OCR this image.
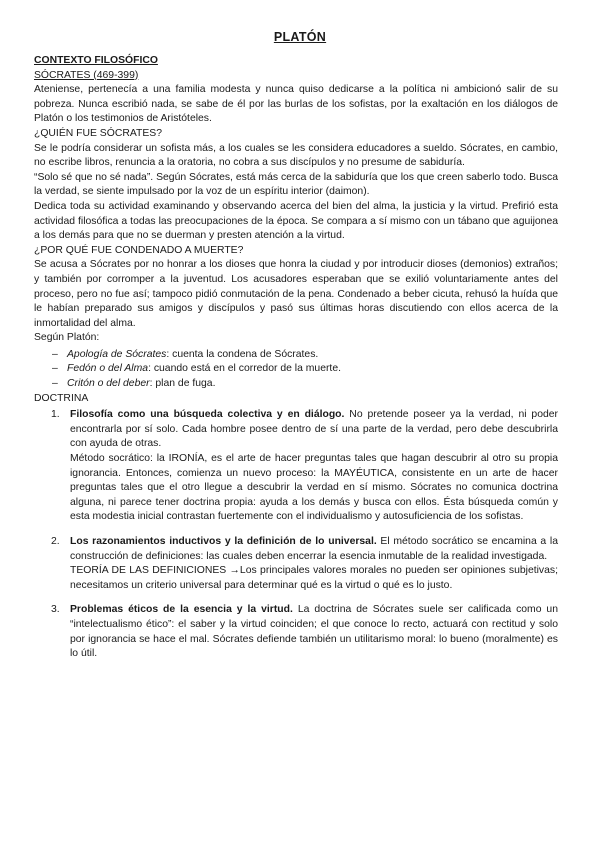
PLATÓN

CONTEXTO FILOSÓFICO

SÓCRATES (469-399)

Ateniense, pertenecía a una familia modesta y nunca quiso dedicarse a la política ni ambicionó salir de su pobreza. Nunca escribió nada, se sabe de él por las burlas de los sofistas, por la exaltación en los diálogos de Platón o los testimonios de Aristóteles.

¿QUIÉN FUE SÓCRATES?

Se le podría considerar un sofista más, a los cuales se les considera educadores a sueldo. Sócrates, en cambio, no escribe libros, renuncia a la oratoria, no cobra a sus discípulos y no presume de sabiduría.

“Solo sé que no sé nada”. Según Sócrates, está más cerca de la sabiduría que los que creen saberlo todo. Busca la verdad, se siente impulsado por la voz de un espíritu interior (daimon).

Dedica toda su actividad examinando y observando acerca del bien del alma, la justicia y la virtud. Prefirió esta actividad filosófica a todas las preocupaciones de la época. Se compara a sí mismo con un tábano que aguijonea a los demás para que no se duerman y presten atención a la virtud.

¿POR QUÉ FUE CONDENADO A MUERTE?

Se acusa a Sócrates por no honrar a los dioses que honra la ciudad y por introducir dioses (demonios) extraños; y también por corromper a la juventud. Los acusadores esperaban que se exilió voluntariamente antes del proceso, pero no fue así; tampoco pidió conmutación de la pena. Condenado a beber cicuta, rehusó la huída que le habían preparado sus amigos y discípulos y pasó sus últimas horas discutiendo con ellos acerca de la inmortalidad del alma.

Según Platón:

– Apología de Sócrates: cuenta la condena de Sócrates.
– Fedón o del Alma: cuando está en el corredor de la muerte.
– Critón o del deber: plan de fuga.

DOCTRINA

1. Filosofía como una búsqueda colectiva y en diálogo. No pretende poseer ya la verdad, ni poder encontrarla por sí solo. Cada hombre posee dentro de sí una parte de la verdad, pero debe descubrirla con ayuda de otras.

Método socrático: la IRONÍA, es el arte de hacer preguntas tales que hagan descubrir al otro su propia ignorancia. Entonces, comienza un nuevo proceso: la MAYÉUTICA, consistente en un arte de hacer preguntas tales que el otro llegue a descubrir la verdad en sí mismo. Sócrates no comunica doctrina alguna, ni parece tener doctrina propia: ayuda a los demás y busca con ellos. Ésta búsqueda común y esta modestia inicial contrastan fuertemente con el individualismo y autosuficiencia de los sofistas.

2. Los razonamientos inductivos y la definición de lo universal. El método socrático se encamina a la construcción de definiciones: las cuales deben encerrar la esencia inmutable de la realidad investigada.

TEORÍA DE LAS DEFINICIONES →Los principales valores morales no pueden ser opiniones subjetivas; necesitamos un criterio universal para determinar qué es la virtud o qué es lo justo.

3. Problemas éticos de la esencia y la virtud. La doctrina de Sócrates suele ser calificada como un “intelectualismo ético”: el saber y la virtud coinciden; el que conoce lo recto, actuará con rectitud y solo por ignorancia se hace el mal. Sócrates defiende también un utilitarismo moral: lo bueno (moralmente) es lo útil.
